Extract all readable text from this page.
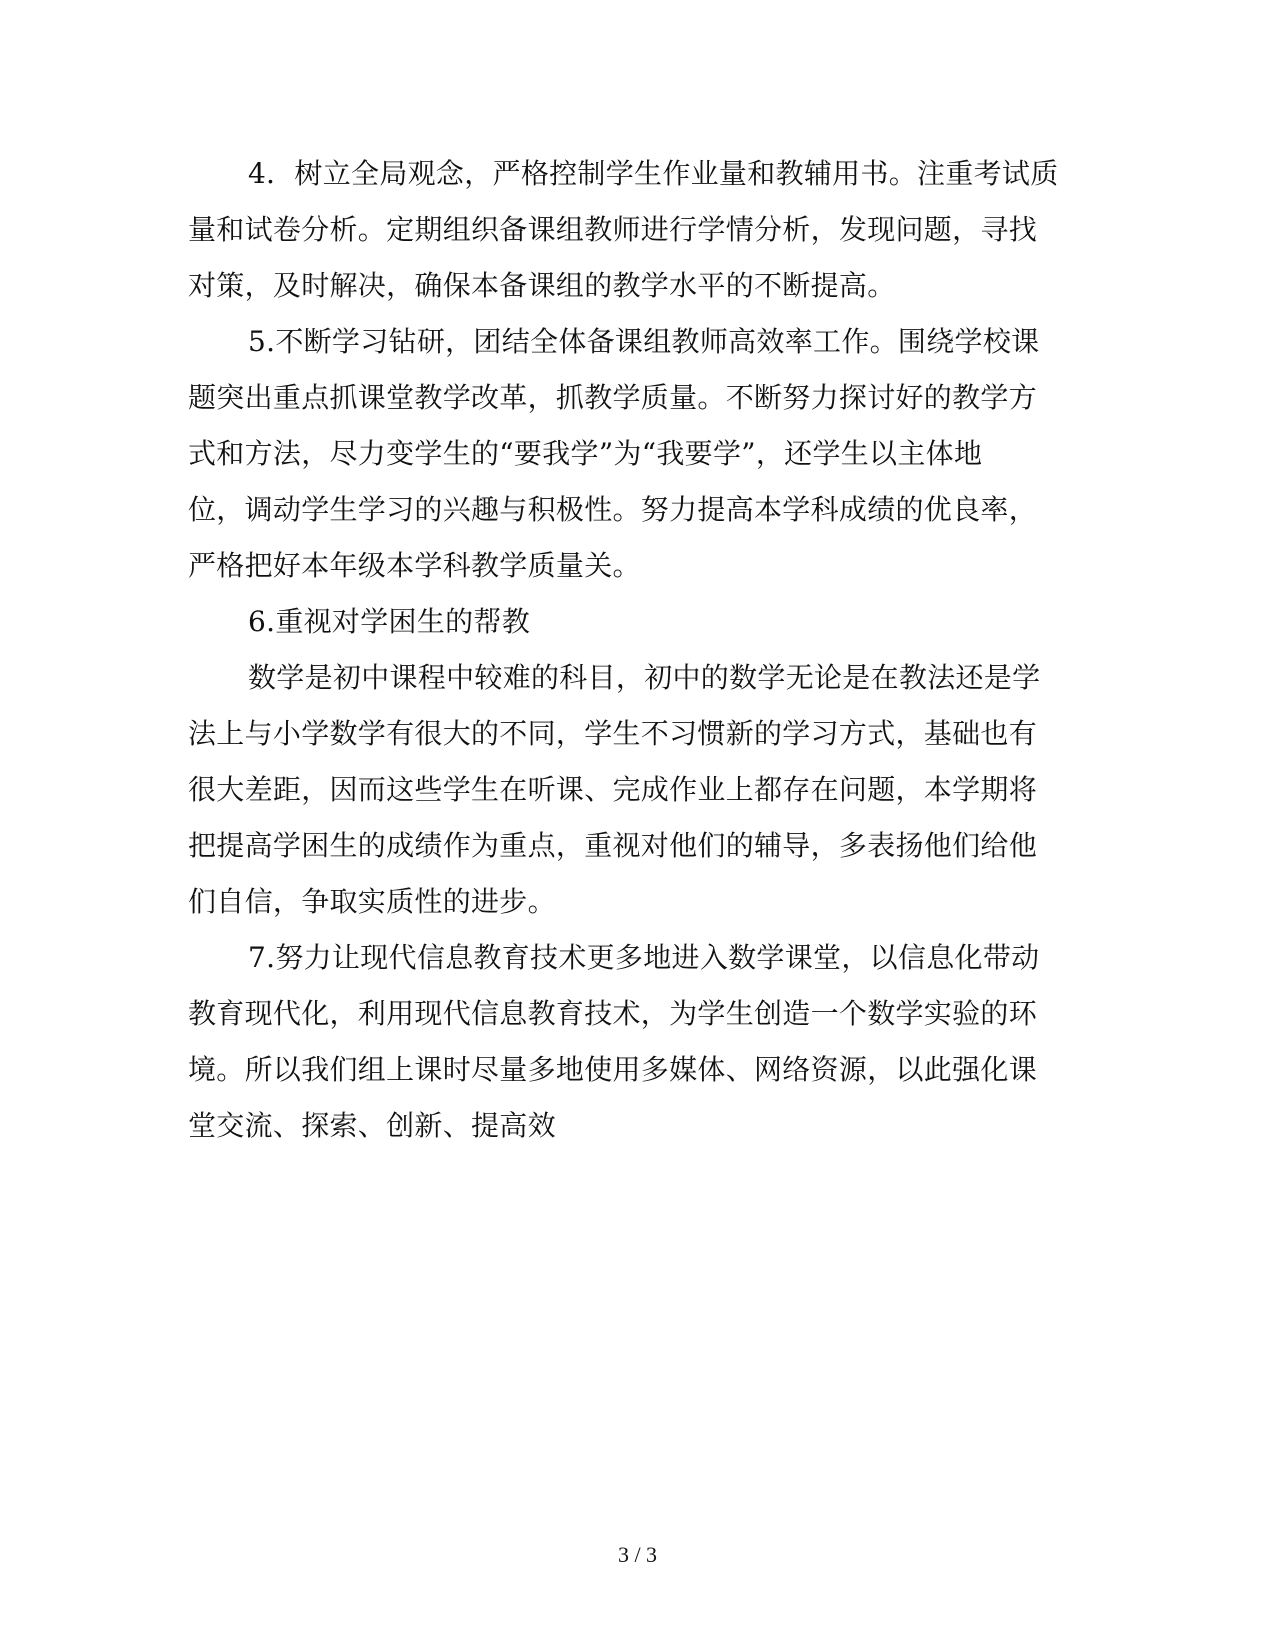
4．树立全局观念，严格控制学生作业量和教辅用书。注重考试质
量和试卷分析。定期组织备课组教师进行学情分析，发现问题，寻找
对策，及时解决，确保本备课组的教学水平的不断提高。
5.不断学习钻研，团结全体备课组教师高效率工作。围绕学校课
题突出重点抓课堂教学改革，抓教学质量。不断努力探讨好的教学方
式和方法，尽力变学生的“要我学”为“我要学”，还学生以主体地
位，调动学生学习的兴趣与积极性。努力提高本学科成绩的优良率，
严格把好本年级本学科教学质量关。
6.重视对学困生的帮教
数学是初中课程中较难的科目，初中的数学无论是在教法还是学
法上与小学数学有很大的不同，学生不习惯新的学习方式，基础也有
很大差距，因而这些学生在听课、完成作业上都存在问题，本学期将
把提高学困生的成绩作为重点，重视对他们的辅导，多表扬他们给他
们自信，争取实质性的进步。
7.努力让现代信息教育技术更多地进入数学课堂，以信息化带动
教育现代化，利用现代信息教育技术，为学生创造一个数学实验的环
境。所以我们组上课时尽量多地使用多媒体、网络资源，以此强化课
堂交流、探索、创新、提高效
3 / 3
